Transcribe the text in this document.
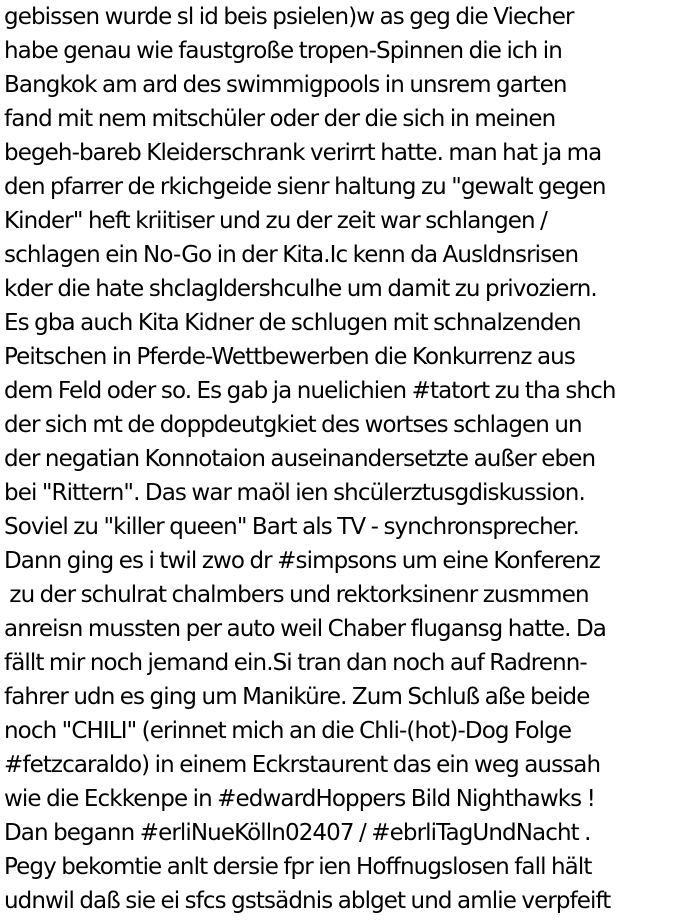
gebissen wurde sl id beis psielen)w as geg die Viecher
habe genau wie faustgroße tropen-Spinnen die ich in
Bangkok am ard des swimmigpools in unsrem garten
fand mit nem mitschüler oder der die sich in meinen
begeh-bareb Kleiderschrank verirrt hatte. man hat ja ma
den pfarrer de rkichgeide sienr haltung zu "gewalt gegen
Kinder" heft kriitiser und zu der zeit war schlangen /
schlagen ein No-Go in der Kita.Ic kenn da Ausldnsrisen
kder die hate shclagldershculhe um damit zu privoziern.
Es gba auch Kita Kidner de schlugen mit schnalzenden
Peitschen in Pferde-Wettbewerben die Konkurrenz aus
dem Feld oder so. Es gab ja nuelichien #tatort zu tha shch
der sich mt de doppdeutgkiet des wortses schlagen un
der negatian Konnotaion auseinandersetzte außer eben
bei "Rittern". Das war maöl ien shcülerztusgdiskussion.
Soviel zu "killer queen" Bart als TV - synchronsprecher.
Dann ging es i twil zwo dr #simpsons um eine Konferenz
zu der schulrat chalmbers und rektorksinenr zusmmen
anreisn mussten per auto weil Chaber flugansg hatte. Da
fällt mir noch jemand ein.Si tran dan noch auf Radrenn-
fahrer udn es ging um Maniküre. Zum Schluß aße beide
noch "CHILI" (erinnet mich an die Chli-(hot)-Dog Folge
#fetzcaraldo) in einem Eckrstaurent das ein weg aussah
wie die Eckkenpe in #edwardHoppers Bild Nighthawks !
Dan begann #erliNueKölln02407 / #ebrliTagUndNacht .
Pegy bekomtie anlt dersie fpr ien Hoffnugslosen fall hält
udnwil daß sie ei sfcs gstsädnis ablget und amlie verpfeift
